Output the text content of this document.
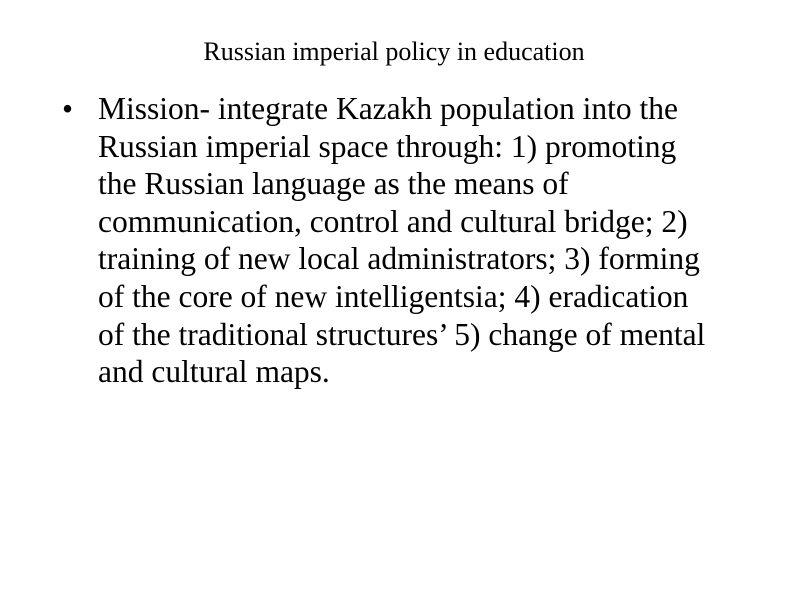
Russian imperial policy in education
• Mission- integrate Kazakh population into the Russian imperial space through: 1) promoting the Russian language as the means of communication, control and cultural bridge; 2) training of new local administrators; 3) forming of the core of new intelligentsia; 4) eradication of the traditional structures’ 5) change of mental and cultural maps.
